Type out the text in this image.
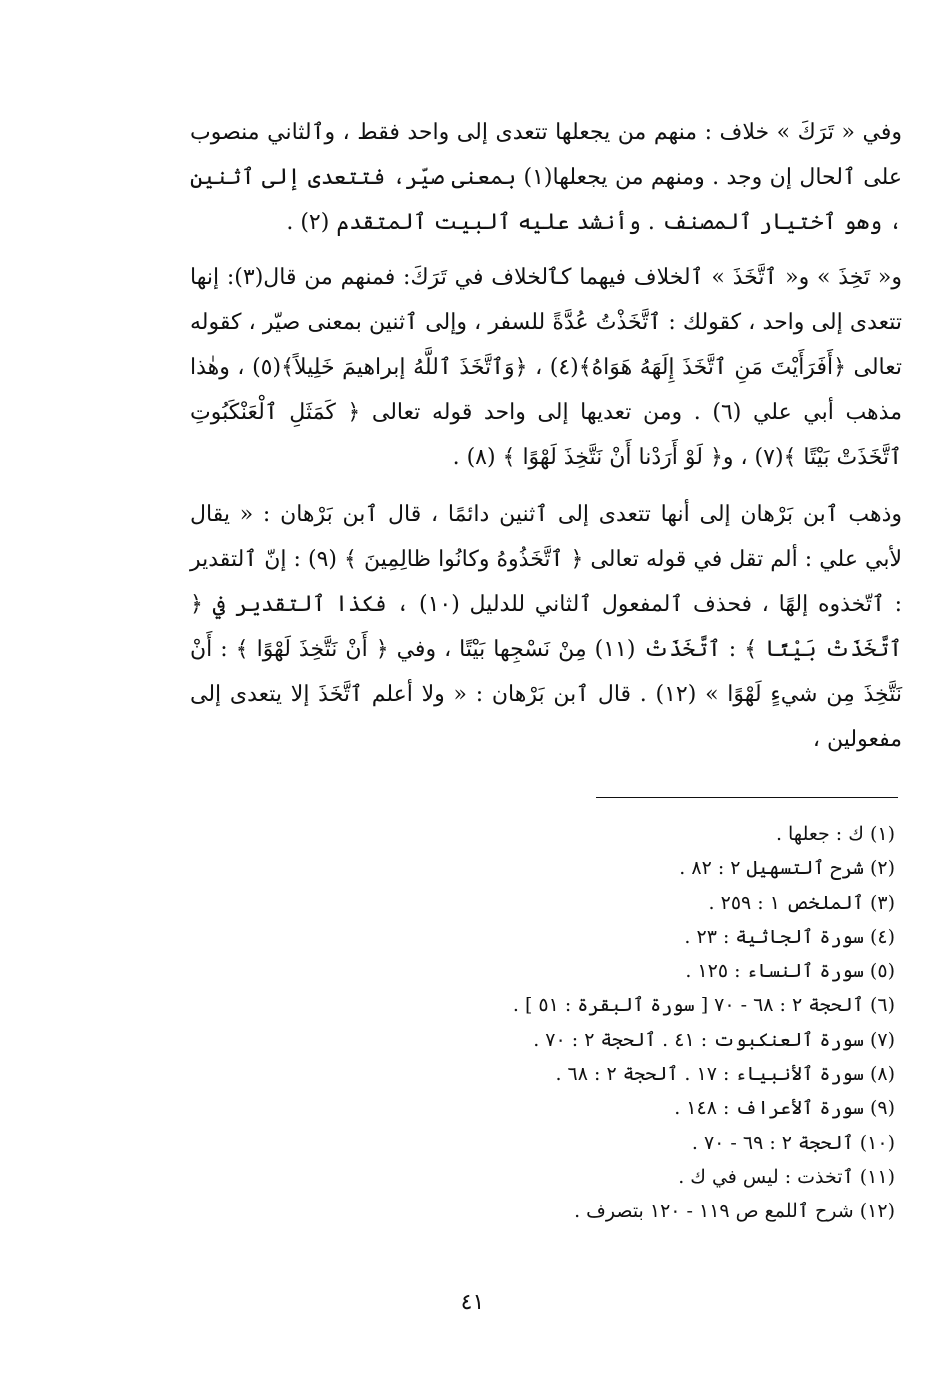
وفي « تَرَكَ » خلاف : منهم من يجعلها تتعدى إلى واحد فقط ، وٱلثاني منصوب على ٱلحال إن وجد . ومنهم من يجعلها(١) بمعنى صيّر، فتتعدى إلى ٱثنين ، وهو ٱختيار ٱلمصنف . وأنشد عليه ٱلبيت ٱلمتقدم (٢) .

و« تَخِذَ » و« ٱتَّخَذَ » ٱلخلاف فيهما كٱلخلاف في تَرَكَ: فمنهم من قال(٣): إنها تتعدى إلى واحد ، كقولك : ٱتَّخَذْتُ عُدَّةً للسفر ، وإلى ٱثنين بمعنى صيّر ، كقوله تعالى ﴿أَفَرَأَيْتَ مَنِ ٱتَّخَذَ إِلَهَهُ هَوَاهُ﴾(٤) ، ﴿وَٱتَّخَذَ ٱللَّهُ إبراهيمَ خَلِيلاً﴾(٥) ، وهٰذا مذهب أبي علي (٦) . ومن تعديها إلى واحد قوله تعالى ﴿ كَمَثَلِ ٱلْعَنْكَبُوتِ ٱتَّخَذَتْ بَيْتًا ﴾(٧) ، و﴿ لَوْ أَرَدْنا أَنْ نَتَّخِذَ لَهْوًا ﴾ (٨) .

وذهب ٱبن بَرْهان إلى أنها تتعدى إلى ٱثنين دائمًا ، قال ٱبن بَرْهان : « يقال لأبي علي : ألم تقل في قوله تعالى ﴿ ٱتَّخَذُوهُ وكانُوا ظالِمِينَ ﴾ (٩) : إنّ ٱلتقدير : ٱتّخذوه إلهًا ، فحذف ٱلمفعول ٱلثاني للدليل (١٠) ، فكذا ٱلتقدير في ﴿ ٱتَّخَذَتْ بَيْتًا ﴾ : ٱتَّخَذَتْ (١١) مِنْ نَسْجِها بَيْتًا ، وفي ﴿ أَنْ نَتَّخِذَ لَهْوًا ﴾ : أَنْ نَتَّخِذَ مِن شيءٍ لَهْوًا » (١٢) . قال ٱبن بَرْهان : « ولا أعلم ٱتَّخَذَ إلا يتعدى إلى مفعولين ،

(١) ك : جعلها .
(٢) شرح ٱلتسهيل ٢ : ٨٢ .
(٣) ٱلملخص ١ : ٢٥٩ .
(٤) سورة ٱلجاثية : ٢٣ .
(٥) سورة ٱلنساء : ١٢٥ .
(٦) ٱلحجة ٢ : ٦٨ - ٧٠ [ سورة ٱلبقرة : ٥١ ] .
(٧) سورة ٱلعنكبوت : ٤١ . ٱلحجة ٢ : ٧٠ .
(٨) سورة ٱلأنبياء : ١٧ . ٱلحجة ٢ : ٦٨ .
(٩) سورة ٱلأعراف : ١٤٨ .
(١٠) ٱلحجة ٢ : ٦٩ - ٧٠ .
(١١) ٱتخذت : ليس في ك .
(١٢) شرح ٱللمع ص ١١٩ - ١٢٠ بتصرف .
٤١
